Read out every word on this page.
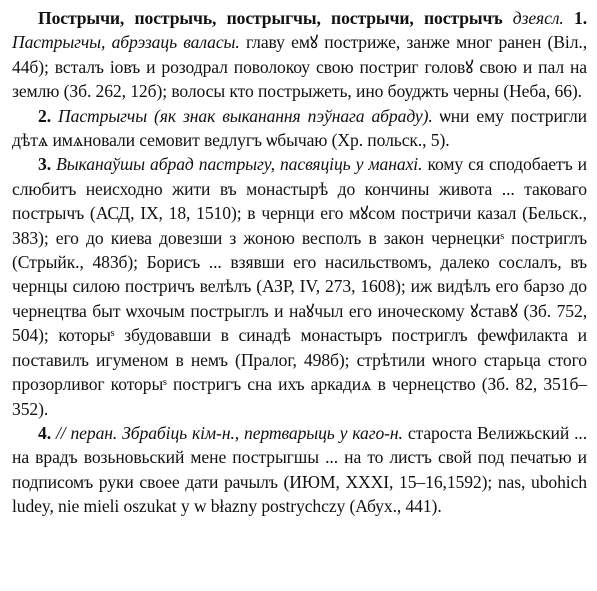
Пострычи, пострычь, пострыгчы, пострычи, пострычъ дзеясл. 1. Пастрыгчы, абрэзаць валасы. главу емꙋ постриже, занже мног ранен (Віл., 44б); всталъ іовъ и розодрал поволокоу свою постриг головꙋ свою и пал на землю (Зб. 262, 12б); волосы кто пострыжеть, ино боуджть черны (Неба, 66).

2. Пастрыгчы (як знак выканання пэўнага абраду). ѡни ему постригли дѣтѧ имѧновали семовит ведлугъ ѡбычаю (Хр. польск., 5).

3. Выканаўшы абрад пастрыгу, пасвяціць у манахі. кому ся сподобаетъ и слюбитъ неисходно жити въ монастырѣ до кончины живота ... таковаго пострычъ (АСД, IX, 18, 1510); в чернци его мꙋсом постричи казал (Бельск., 383); его до киева довезши з жоною весполъ в закон чернецкиˢ постриглъ (Стрыйк., 483б); Борисъ ... взявши его насильствомъ, далеко сослалъ, въ чернцы силою постричъ велѣлъ (АЗР, IV, 273, 1608); иж видѣлъ его барзо до чернецтва быт ѡхочым пострыглъ и наꙋчыл его иноческому ꙋставꙋ (Зб. 752, 504); которыˢ збудовавши в синадѣ монастыръ постриглъ феѡфилакта и поставилъ игуменом в немъ (Пралог, 498б); стрѣтили ѡного старьца стого прозорливог которыˢ постригъ сна ихъ аркадиѧ в чернецство (Зб. 82, 351б–352).

4. // перан. Збрабіць кім-н., пертварыць у каго-н. староста Велижьский ... на врадъ возьновьский мене пострыгшы ... на то листъ свой под печатью и подписомъ руки своее дати рачылъ (ИЮМ, XXXI, 15–16,1592); nas, ubohich ludey, nie mieli oszukat y w błazny postrychczy (Абух., 441).
